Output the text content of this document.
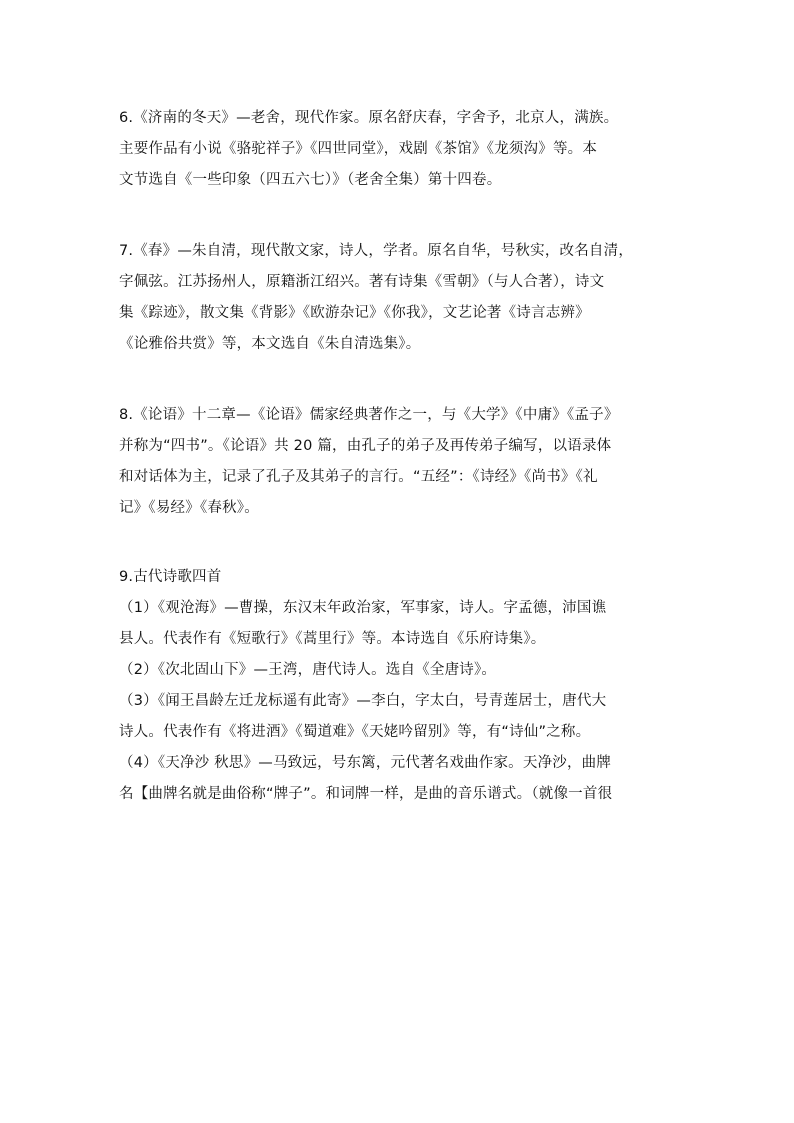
6.《济南的冬天》—老舍，现代作家。原名舒庆春，字舍予，北京人，满族。
主要作品有小说《骆驼祥子》《四世同堂》，戏剧《茶馆》《龙须沟》等。本
文节选自《一些印象（四五六七）》（老舍全集）第十四卷。
7.《春》—朱自清，现代散文家，诗人，学者。原名自华，号秋实，改名自清，
字佩弦。江苏扬州人，原籍浙江绍兴。著有诗集《雪朝》（与人合著），诗文
集《踪迹》，散文集《背影》《欧游杂记》《你我》，文艺论著《诗言志辨》
《论雅俗共赏》等，本文选自《朱自清选集》。
8.《论语》十二章—《论语》儒家经典著作之一，与《大学》《中庸》《孟子》
并称为“四书”。《论语》共 20 篇，由孔子的弟子及再传弟子编写，以语录体
和对话体为主，记录了孔子及其弟子的言行。“五经”：《诗经》《尚书》《礼
记》《易经》《春秋》。
9.古代诗歌四首
（1）《观沧海》—曹操，东汉末年政治家，军事家，诗人。字孟德，沛国谯
县人。代表作有《短歌行》《蒿里行》等。本诗选自《乐府诗集》。
（2）《次北固山下》—王湾，唐代诗人。选自《全唐诗》。
（3）《闻王昌龄左迁龙标遥有此寄》—李白，字太白，号青莲居士，唐代大
诗人。代表作有《将进酒》《蜀道难》《天姥吟留别》等，有“诗仙”之称。
（4）《天净沙 秋思》—马致远，号东篱，元代著名戏曲作家。天净沙，曲牌
名【曲牌名就是曲俗称“牌子”。和词牌一样，是曲的音乐谱式。（就像一首很
